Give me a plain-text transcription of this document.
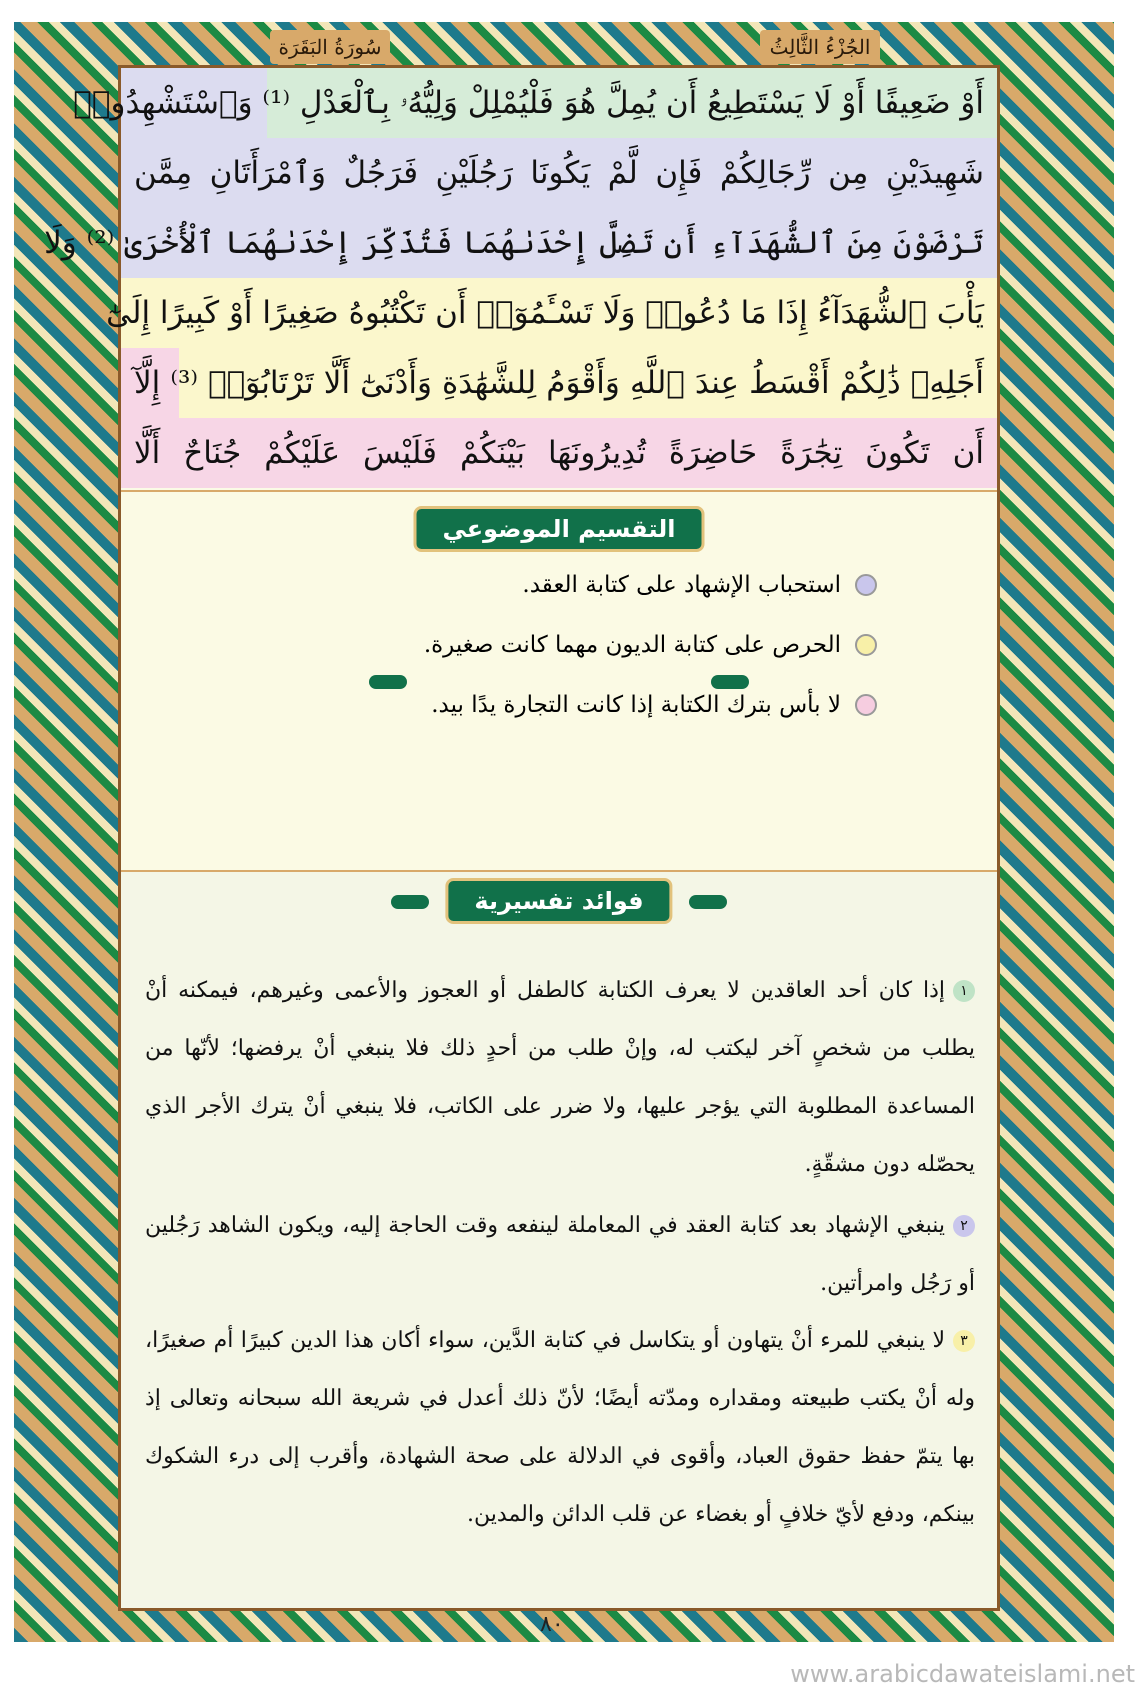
سُورَةُ البَقَرَة	الجُزْءُ الثَّالِثُ
أَوْ ضَعِيفًا أَوْ لَا يَسْتَطِيعُ أَن يُمِلَّ هُوَ فَلْيُمْلِلْ وَلِيُّهُۥ بِٱلْعَدْلِ ⁽¹⁾ وَٱسْتَشْهِدُوا۟
شَهِيدَيْنِ مِن رِّجَالِكُمْ فَإِن لَّمْ يَكُونَا رَجُلَيْنِ فَرَجُلٌ وَٱمْرَأَتَانِ مِمَّن
تَرْضَوْنَ مِنَ ٱلشُّهَدَآءِ أَن تَضِلَّ إِحْدَىٰهُمَا فَتُذَكِّرَ إِحْدَىٰهُمَا ٱلْأُخْرَىٰ ⁽²⁾ وَلَا
يَأْبَ ٱلشُّهَدَآءُ إِذَا مَا دُعُوا۟ وَلَا تَسْـَٔمُوٓا۟ أَن تَكْتُبُوهُ صَغِيرًا أَوْ كَبِيرًا إِلَىٰٓ
أَجَلِهِۦ ذَٰلِكُمْ أَقْسَطُ عِندَ ٱللَّهِ وَأَقْوَمُ لِلشَّهَٰدَةِ وَأَدْنَىٰٓ أَلَّا تَرْتَابُوٓا۟ ⁽³⁾ إِلَّآ
أَن تَكُونَ تِجَٰرَةً حَاضِرَةً تُدِيرُونَهَا بَيْنَكُمْ فَلَيْسَ عَلَيْكُمْ جُنَاحٌ أَلَّا
التقسيم الموضوعي
استحباب الإشهاد على كتابة العقد.
الحرص على كتابة الديون مهما كانت صغيرة.
لا بأس بترك الكتابة إذا كانت التجارة يدًا بيد.
فوائد تفسيرية
١إذا كان أحد العاقدين لا يعرف الكتابة كالطفل أو العجوز والأعمى وغيرهم، فيمكنه أنْ يطلب من شخصٍ آخر ليكتب له، وإنْ طلب من أحدٍ ذلك فلا ينبغي أنْ يرفضها؛ لأنّها من المساعدة المطلوبة التي يؤجر عليها، ولا ضرر على الكاتب، فلا ينبغي أنْ يترك الأجر الذي يحصّله دون مشقّةٍ.
٢ينبغي الإشهاد بعد كتابة العقد في المعاملة لينفعه وقت الحاجة إليه، ويكون الشاهد رَجُلين أو رَجُل وامرأتين.
٣لا ينبغي للمرء أنْ يتهاون أو يتكاسل في كتابة الدَّين، سواء أكان هذا الدين كبيرًا أم صغيرًا، وله أنْ يكتب طبيعته ومقداره ومدّته أيضًا؛ لأنّ ذلك أعدل في شريعة الله سبحانه وتعالى إذ بها يتمّ حفظ حقوق العباد، وأقوى في الدلالة على صحة الشهادة، وأقرب إلى درء الشكوك بينكم، ودفع لأيّ خلافٍ أو بغضاء عن قلب الدائن والمدين.
٨٠
www.arabicdawateislami.net
